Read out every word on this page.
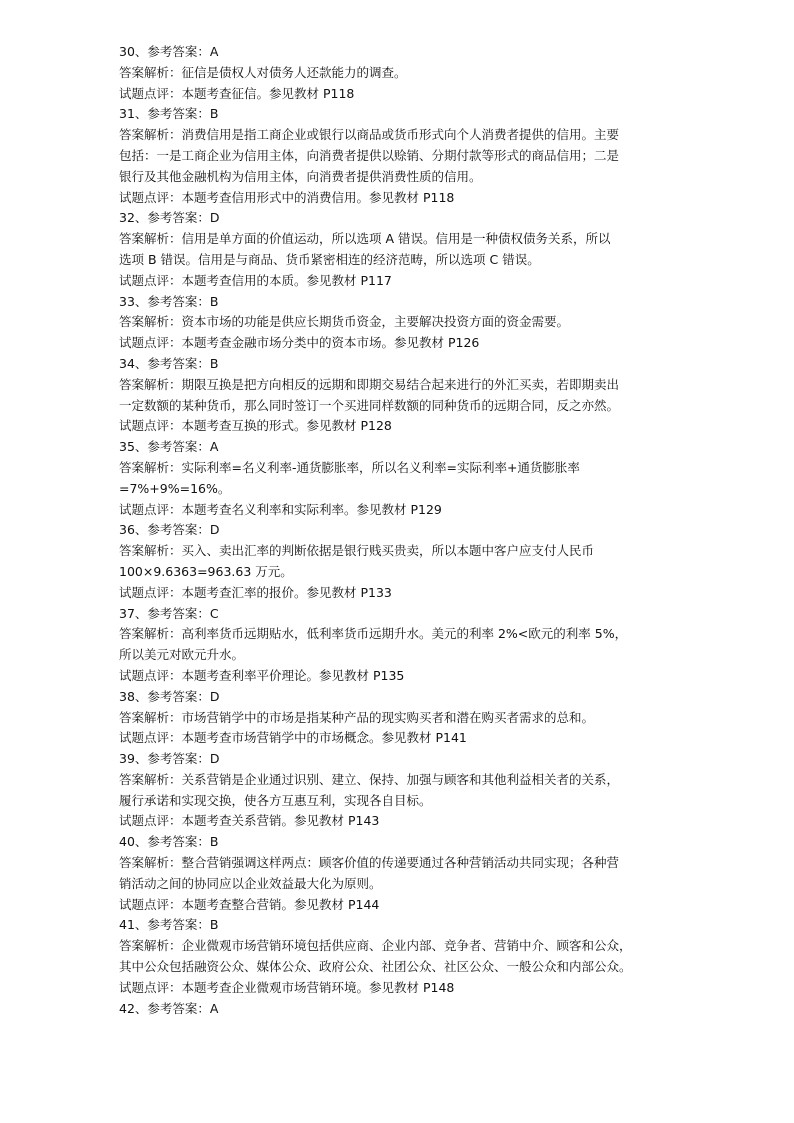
30、参考答案：A
答案解析：征信是债权人对债务人还款能力的调查。
试题点评：本题考查征信。参见教材 P118
31、参考答案：B
答案解析：消费信用是指工商企业或银行以商品或货币形式向个人消费者提供的信用。主要
包括：一是工商企业为信用主体，向消费者提供以赊销、分期付款等形式的商品信用；二是
银行及其他金融机构为信用主体，向消费者提供消费性质的信用。
试题点评：本题考查信用形式中的消费信用。参见教材 P118
32、参考答案：D
答案解析：信用是单方面的价值运动，所以选项 A 错误。信用是一种债权债务关系，所以
选项 B 错误。信用是与商品、货币紧密相连的经济范畴，所以选项 C 错误。
试题点评：本题考查信用的本质。参见教材 P117
33、参考答案：B
答案解析：资本市场的功能是供应长期货币资金，主要解决投资方面的资金需要。
试题点评：本题考查金融市场分类中的资本市场。参见教材 P126
34、参考答案：B
答案解析：期限互换是把方向相反的远期和即期交易结合起来进行的外汇买卖，若即期卖出
一定数额的某种货币，那么同时签订一个买进同样数额的同种货币的远期合同，反之亦然。
试题点评：本题考查互换的形式。参见教材 P128
35、参考答案：A
答案解析：实际利率=名义利率-通货膨胀率，所以名义利率=实际利率+通货膨胀率
=7%+9%=16%。
试题点评：本题考查名义利率和实际利率。参见教材 P129
36、参考答案：D
答案解析：买入、卖出汇率的判断依据是银行贱买贵卖，所以本题中客户应支付人民币
100×9.6363=963.63 万元。
试题点评：本题考查汇率的报价。参见教材 P133
37、参考答案：C
答案解析：高利率货币远期贴水，低利率货币远期升水。美元的利率 2%<欧元的利率 5%，
所以美元对欧元升水。
试题点评：本题考查利率平价理论。参见教材 P135
38、参考答案：D
答案解析：市场营销学中的市场是指某种产品的现实购买者和潜在购买者需求的总和。
试题点评：本题考查市场营销学中的市场概念。参见教材 P141
39、参考答案：D
答案解析：关系营销是企业通过识别、建立、保持、加强与顾客和其他利益相关者的关系，
履行承诺和实现交换，使各方互惠互利，实现各自目标。
试题点评：本题考查关系营销。参见教材 P143
40、参考答案：B
答案解析：整合营销强调这样两点：顾客价值的传递要通过各种营销活动共同实现；各种营
销活动之间的协同应以企业效益最大化为原则。
试题点评：本题考查整合营销。参见教材 P144
41、参考答案：B
答案解析：企业微观市场营销环境包括供应商、企业内部、竞争者、营销中介、顾客和公众，
其中公众包括融资公众、媒体公众、政府公众、社团公众、社区公众、一般公众和内部公众。
试题点评：本题考查企业微观市场营销环境。参见教材 P148
42、参考答案：A
